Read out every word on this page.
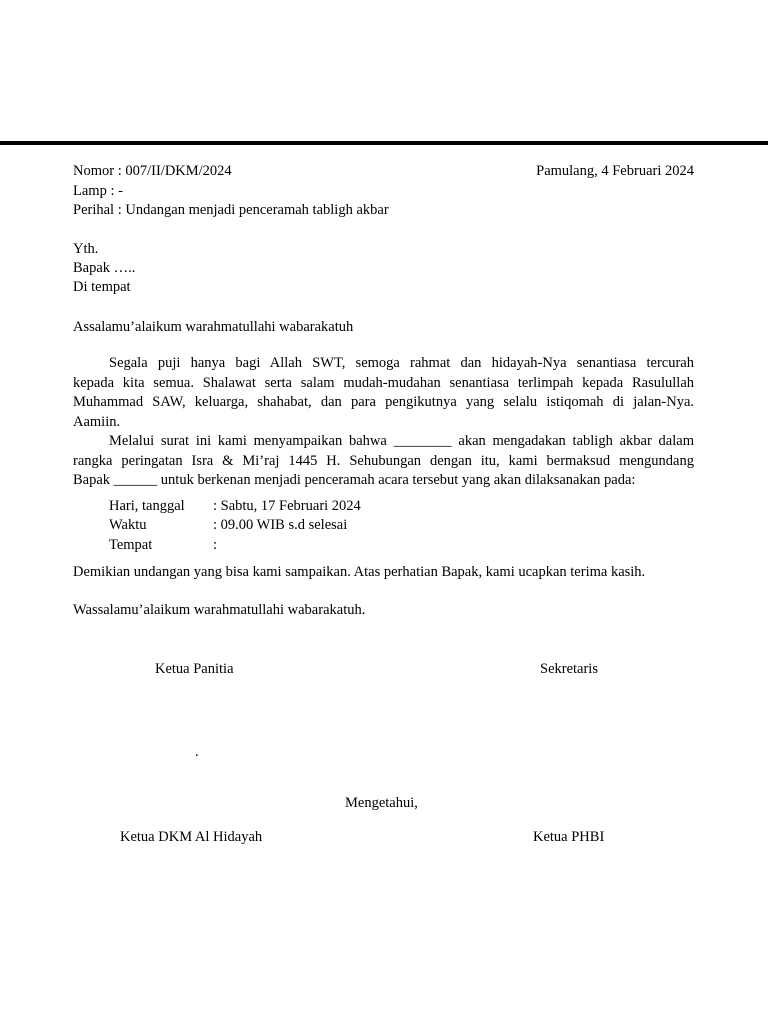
Nomor : 007/II/DKM/2024
Lamp : -
Perihal : Undangan menjadi penceramah tabligh akbar
Pamulang, 4 Februari 2024
Yth.
Bapak …..
Di tempat
Assalamu’alaikum warahmatullahi wabarakatuh
Segala puji hanya bagi Allah SWT, semoga rahmat dan hidayah-Nya senantiasa tercurah
kepada kita semua. Shalawat serta salam mudah-mudahan senantiasa terlimpah kepada Rasulullah
Muhammad SAW, keluarga, shahabat, dan para pengikutnya yang selalu istiqomah di jalan-Nya.
Aamiin.
Melalui surat ini kami menyampaikan bahwa ________ akan mengadakan tabligh akbar dalam
rangka peringatan Isra & Mi’raj 1445 H. Sehubungan dengan itu, kami bermaksud mengundang
Bapak ______ untuk berkenan menjadi penceramah acara tersebut yang akan dilaksanakan pada:
Hari, tanggal : Sabtu, 17 Februari 2024
Waktu	: 09.00 WIB s.d selesai
Tempat	:
Demikian undangan yang bisa kami sampaikan. Atas perhatian Bapak, kami ucapkan terima kasih.
Wassalamu’alaikum warahmatullahi wabarakatuh.
Ketua Panitia	Sekretaris
.
Mengetahui,
Ketua DKM Al Hidayah	Ketua PHBI
